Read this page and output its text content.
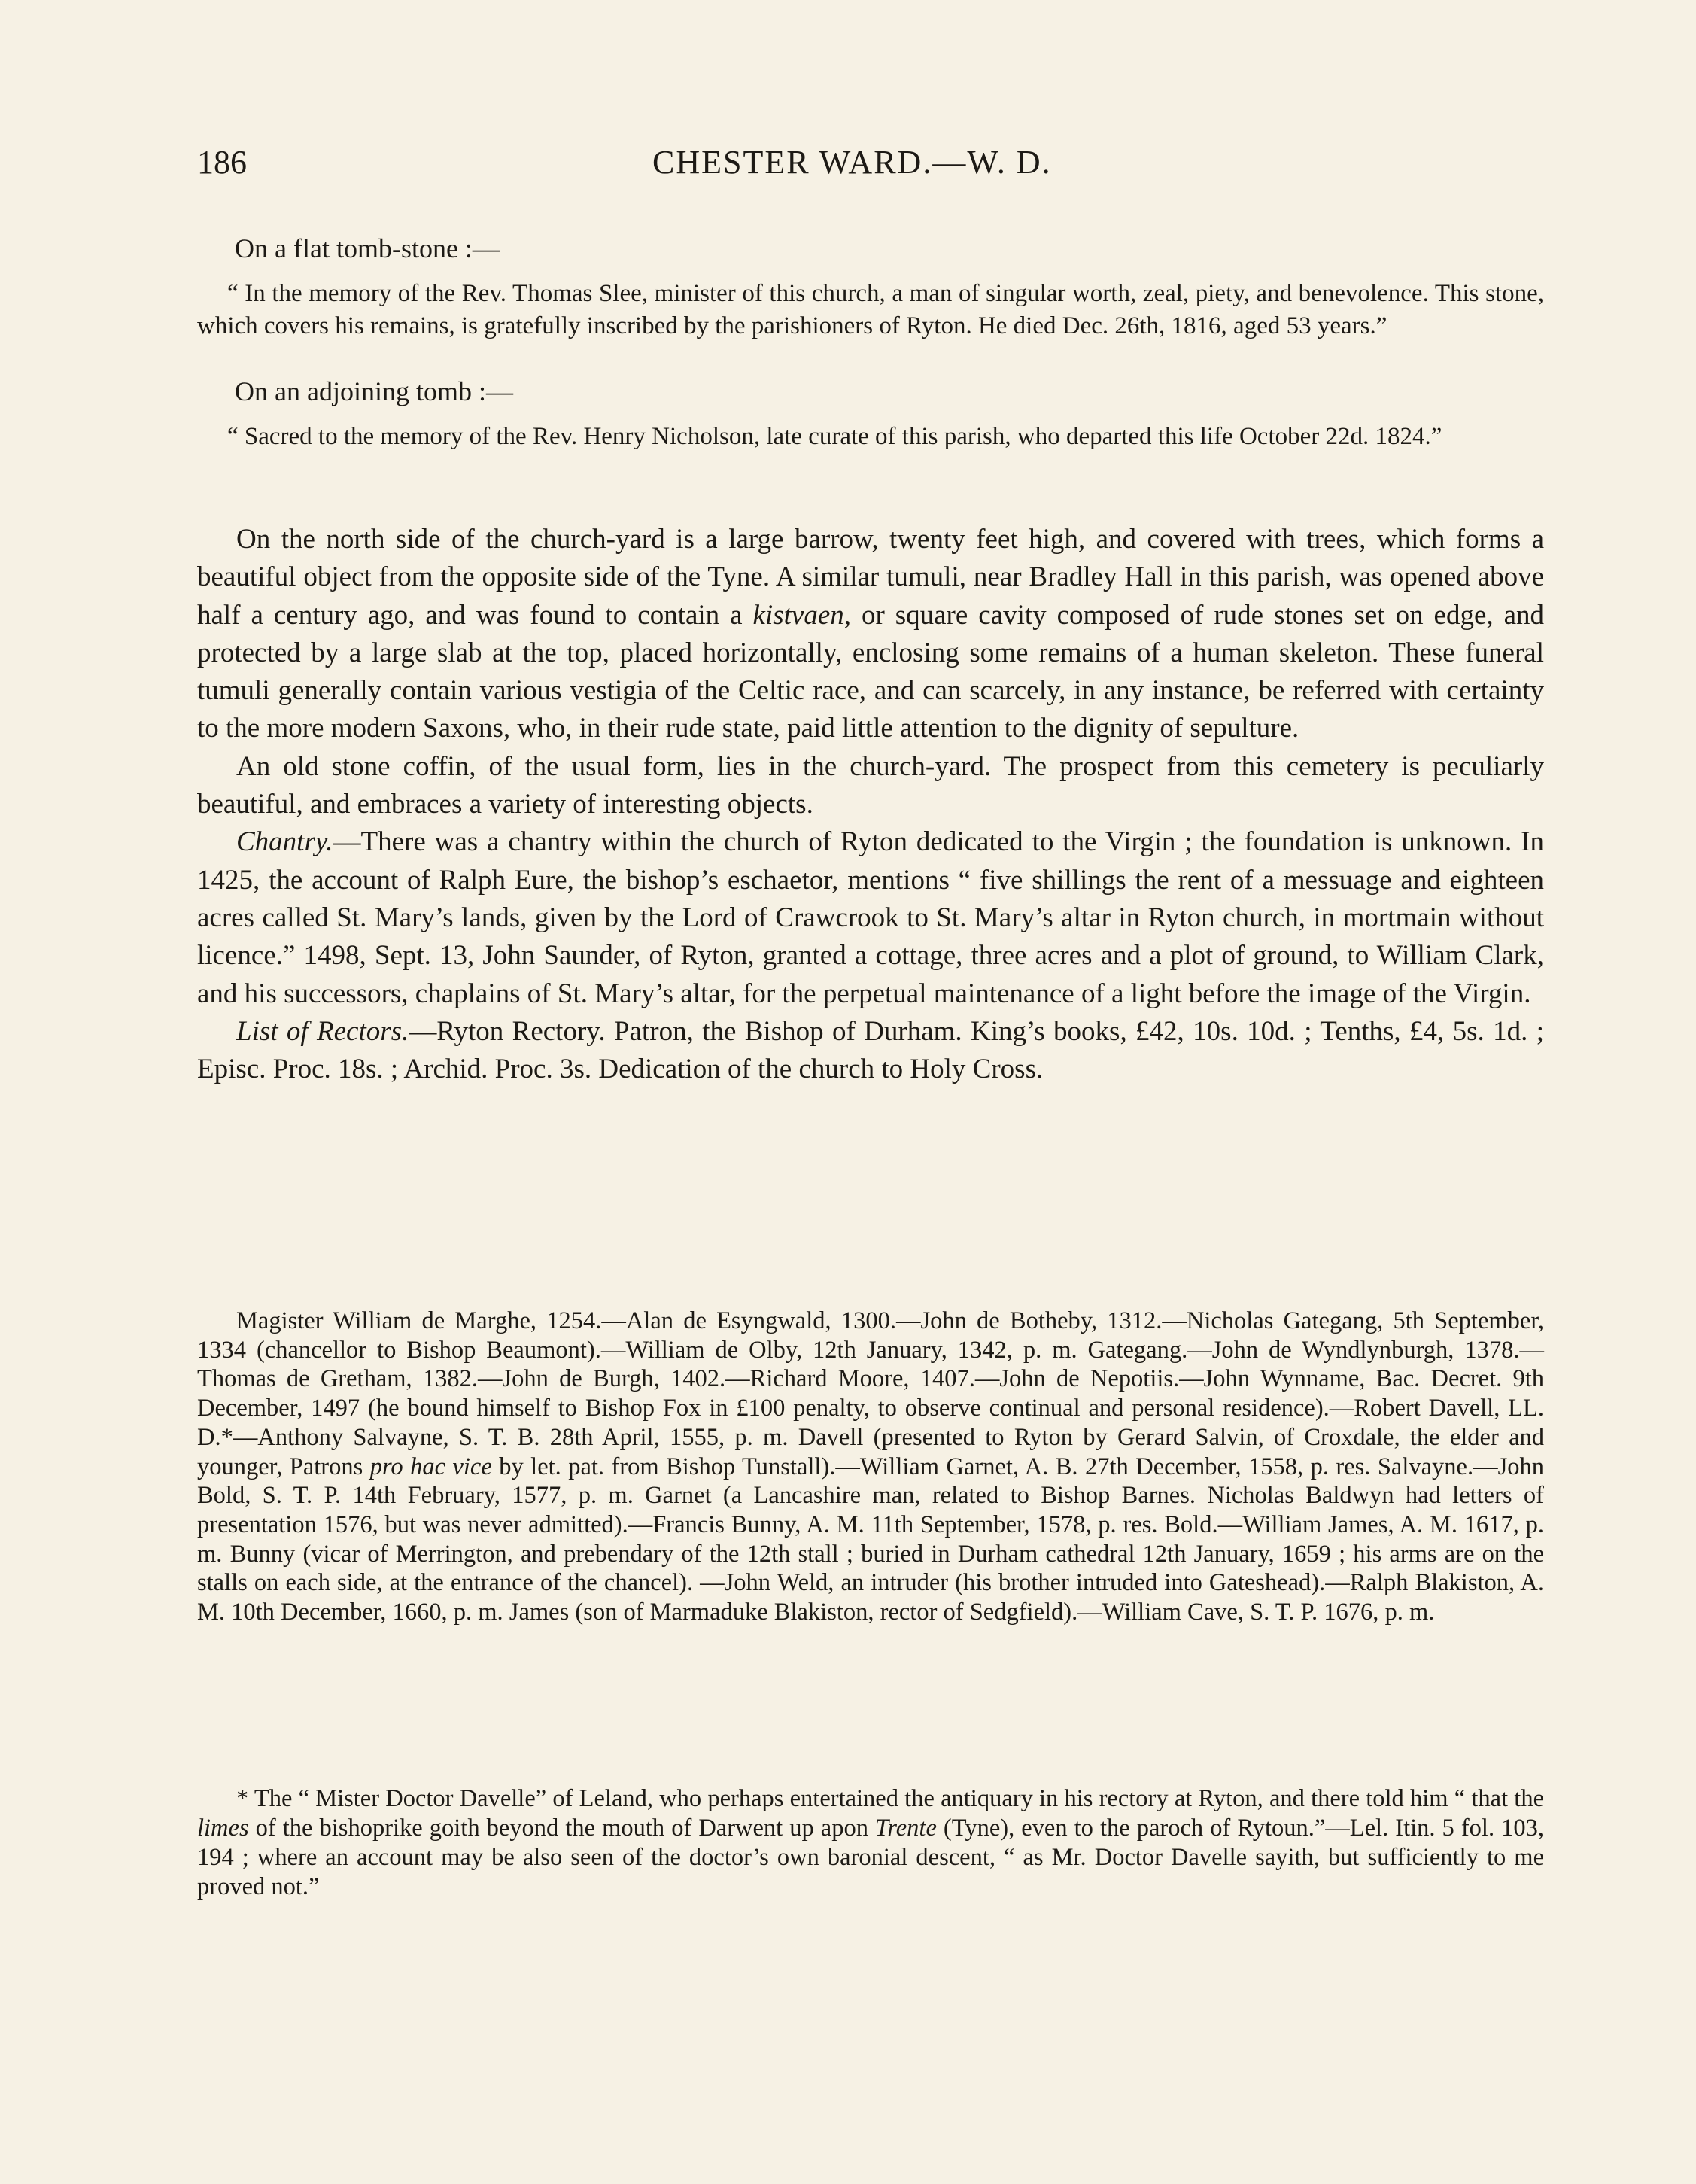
186	CHESTER WARD.—W. D.

On a flat tomb-stone :—

“ In the memory of the Rev. Thomas Slee, minister of this church, a man of singular worth, zeal, piety, and benevolence. This stone, which covers his remains, is gratefully inscribed by the parishioners of Ryton. He died Dec. 26th, 1816, aged 53 years.”

On an adjoining tomb :—

“ Sacred to the memory of the Rev. Henry Nicholson, late curate of this parish, who departed this life October 22d. 1824.”

On the north side of the church-yard is a large barrow, twenty feet high, and covered with trees, which forms a beautiful object from the opposite side of the Tyne. A similar tumuli, near Bradley Hall in this parish, was opened above half a century ago, and was found to contain a kistvaen, or square cavity composed of rude stones set on edge, and protected by a large slab at the top, placed horizontally, enclosing some remains of a human skeleton. These funeral tumuli generally contain various vestigia of the Celtic race, and can scarcely, in any instance, be referred with certainty to the more modern Saxons, who, in their rude state, paid little attention to the dignity of sepulture.

An old stone coffin, of the usual form, lies in the church-yard. The prospect from this cemetery is peculiarly beautiful, and embraces a variety of interesting objects.

Chantry.—There was a chantry within the church of Ryton dedicated to the Virgin ; the foundation is unknown. In 1425, the account of Ralph Eure, the bishop’s eschaetor, mentions “ five shillings the rent of a messuage and eighteen acres called St. Mary’s lands, given by the Lord of Crawcrook to St. Mary’s altar in Ryton church, in mortmain without licence.” 1498, Sept. 13, John Saunder, of Ryton, granted a cottage, three acres and a plot of ground, to William Clark, and his successors, chaplains of St. Mary’s altar, for the perpetual maintenance of a light before the image of the Virgin.

List of Rectors.—Ryton Rectory. Patron, the Bishop of Durham. King’s books, £42, 10s. 10d. ; Tenths, £4, 5s. 1d. ; Episc. Proc. 18s. ; Archid. Proc. 3s. Dedication of the church to Holy Cross.

Magister William de Marghe, 1254.—Alan de Esyngwald, 1300.—John de Botheby, 1312.—Nicholas Gategang, 5th September, 1334 (chancellor to Bishop Beaumont).—William de Olby, 12th January, 1342, p. m. Gategang.—John de Wyndlynburgh, 1378.—Thomas de Gretham, 1382.—John de Burgh, 1402.—Richard Moore, 1407.—John de Nepotiis.—John Wynname, Bac. Decret. 9th December, 1497 (he bound himself to Bishop Fox in £100 penalty, to observe continual and personal residence).—Robert Davell, LL. D.*—Anthony Salvayne, S. T. B. 28th April, 1555, p. m. Davell (presented to Ryton by Gerard Salvin, of Croxdale, the elder and younger, Patrons pro hac vice by let. pat. from Bishop Tunstall).—William Garnet, A. B. 27th December, 1558, p. res. Salvayne.—John Bold, S. T. P. 14th February, 1577, p. m. Garnet (a Lancashire man, related to Bishop Barnes. Nicholas Baldwyn had letters of presentation 1576, but was never admitted).—Francis Bunny, A. M. 11th September, 1578, p. res. Bold.—William James, A. M. 1617, p. m. Bunny (vicar of Merrington, and prebendary of the 12th stall ; buried in Durham cathedral 12th January, 1659 ; his arms are on the stalls on each side, at the entrance of the chancel). —John Weld, an intruder (his brother intruded into Gateshead).—Ralph Blakiston, A. M. 10th December, 1660, p. m. James (son of Marmaduke Blakiston, rector of Sedgfield).—William Cave, S. T. P. 1676, p. m.

* The “ Mister Doctor Davelle” of Leland, who perhaps entertained the antiquary in his rectory at Ryton, and there told him “ that the limes of the bishoprike goith beyond the mouth of Darwent up apon Trente (Tyne), even to the paroch of Rytoun.”—Lel. Itin. 5 fol. 103, 194 ; where an account may be also seen of the doctor’s own baronial descent, “ as Mr. Doctor Davelle sayith, but sufficiently to me proved not.”
